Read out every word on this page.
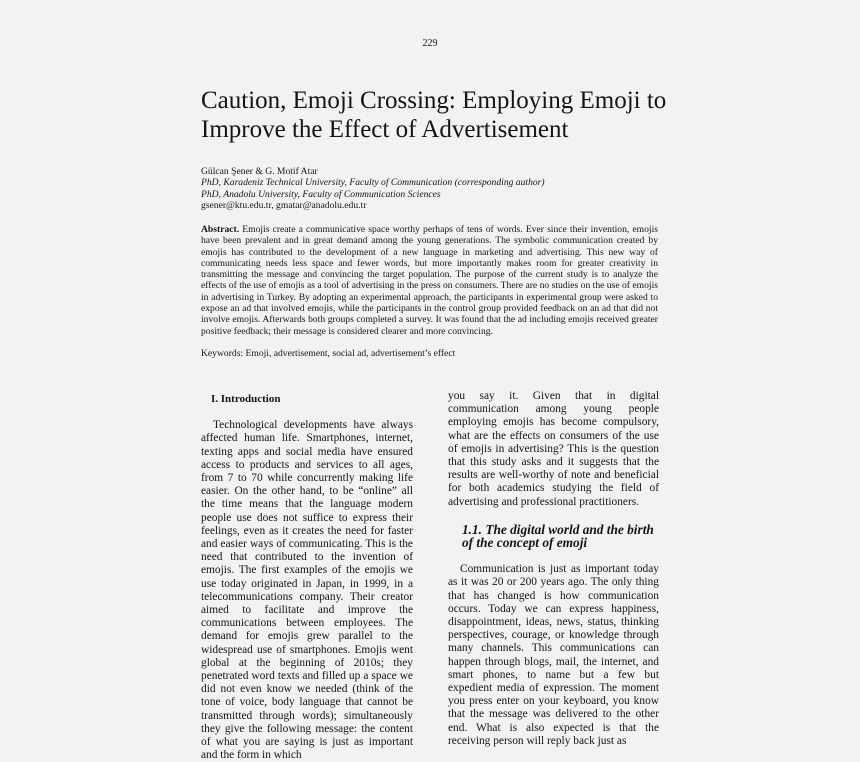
229
Caution, Emoji Crossing: Employing Emoji to Improve the Effect of Advertisement
Gülcan Şener & G. Motif Atar
PhD, Karadeniz Technical University, Faculty of Communication (corresponding author)
PhD, Anadolu University, Faculty of Communication Sciences
gsener@ktu.edu.tr, gmatar@anadolu.edu.tr

Abstract. Emojis create a communicative space worthy perhaps of tens of words. Ever since their invention, emojis have been prevalent and in great demand among the young generations. The symbolic communication created by emojis has contributed to the development of a new language in marketing and advertising. This new way of communicating needs less space and fewer words, but more importantly makes room for greater creativity in transmitting the message and convincing the target population. The purpose of the current study is to analyze the effects of the use of emojis as a tool of advertising in the press on consumers. There are no studies on the use of emojis in advertising in Turkey. By adopting an experimental approach, the participants in experimental group were asked to expose an ad that involved emojis, while the participants in the control group provided feedback on an ad that did not involve emojis. Afterwards both groups completed a survey. It was found that the ad including emojis received greater positive feedback; their message is considered clearer and more convincing.

Keywords: Emoji, advertisement, social ad, advertisement’s effect
I. Introduction

Technological developments have always affected human life. Smartphones, internet, texting apps and social media have ensured access to products and services to all ages, from 7 to 70 while concurrently making life easier. On the other hand, to be “online” all the time means that the language modern people use does not suffice to express their feelings, even as it creates the need for faster and easier ways of communicating. This is the need that contributed to the invention of emojis. The first examples of the emojis we use today originated in Japan, in 1999, in a telecommunications company. Their creator aimed to facilitate and improve the communications between employees. The demand for emojis grew parallel to the widespread use of smartphones. Emojis went global at the beginning of 2010s; they penetrated word texts and filled up a space we did not even know we needed (think of the tone of voice, body language that cannot be transmitted through words); simultaneously they give the following message: the content of what you are saying is just as important and the form in which

you say it. Given that in digital communication among young people employing emojis has become compulsory, what are the effects on consumers of the use of emojis in advertising? This is the question that this study asks and it suggests that the results are well-worthy of note and beneficial for both academics studying the field of advertising and professional practitioners.

1.1. The digital world and the birth of the concept of emoji

Communication is just as important today as it was 20 or 200 years ago. The only thing that has changed is how communication occurs. Today we can express happiness, disappointment, ideas, news, status, thinking perspectives, courage, or knowledge through many channels. This communications can happen through blogs, mail, the internet, and smart phones, to name but a few but expedient media of expression. The moment you press enter on your keyboard, you know that the message was delivered to the other end. What is also expected is that the receiving person will reply back just as
